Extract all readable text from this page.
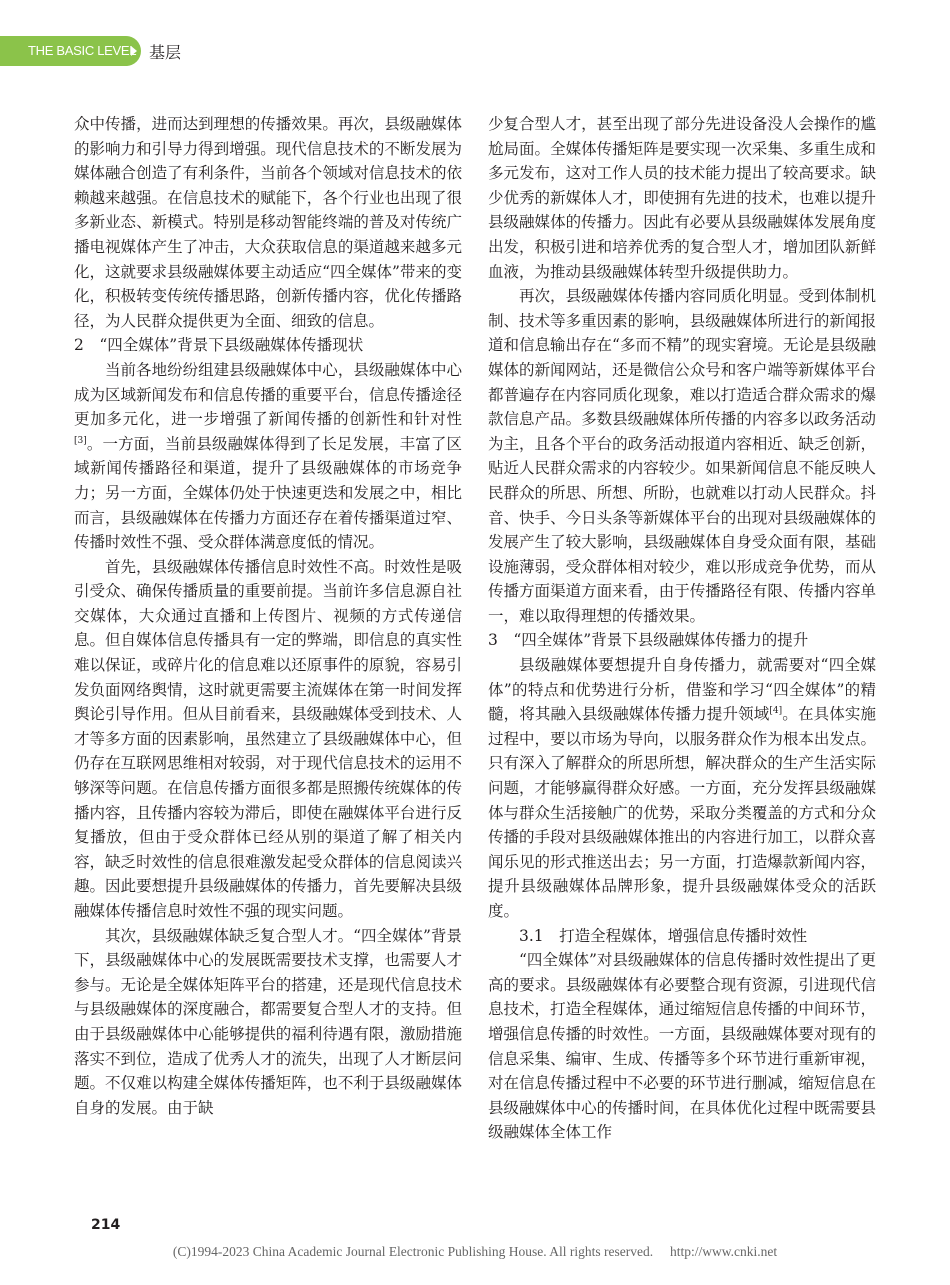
THE BASIC LEVEL 基层

众中传播，进而达到理想的传播效果。再次，县级融媒体的影响力和引导力得到增强。现代信息技术的不断发展为媒体融合创造了有利条件，当前各个领域对信息技术的依赖越来越强。在信息技术的赋能下，各个行业也出现了很多新业态、新模式。特别是移动智能终端的普及对传统广播电视媒体产生了冲击，大众获取信息的渠道越来越多元化，这就要求县级融媒体要主动适应“四全媒体”带来的变化，积极转变传统传播思路，创新传播内容，优化传播路径，为人民群众提供更为全面、细致的信息。

2　“四全媒体”背景下县级融媒体传播现状

当前各地纷纷组建县级融媒体中心，县级融媒体中心成为区域新闻发布和信息传播的重要平台，信息传播途径更加多元化，进一步增强了新闻传播的创新性和针对性[3]。一方面，当前县级融媒体得到了长足发展，丰富了区域新闻传播路径和渠道，提升了县级融媒体的市场竞争力；另一方面，全媒体仍处于快速更迭和发展之中，相比而言，县级融媒体在传播力方面还存在着传播渠道过窄、传播时效性不强、受众群体满意度低的情况。

首先，县级融媒体传播信息时效性不高。时效性是吸引受众、确保传播质量的重要前提。当前许多信息源自社交媒体，大众通过直播和上传图片、视频的方式传递信息。但自媒体信息传播具有一定的弊端，即信息的真实性难以保证，或碎片化的信息难以还原事件的原貌，容易引发负面网络舆情，这时就更需要主流媒体在第一时间发挥舆论引导作用。但从目前看来，县级融媒体受到技术、人才等多方面的因素影响，虽然建立了县级融媒体中心，但仍存在互联网思维相对较弱，对于现代信息技术的运用不够深等问题。在信息传播方面很多都是照搬传统媒体的传播内容，且传播内容较为滞后，即使在融媒体平台进行反复播放，但由于受众群体已经从别的渠道了解了相关内容，缺乏时效性的信息很难激发起受众群体的信息阅读兴趣。因此要想提升县级融媒体的传播力，首先要解决县级融媒体传播信息时效性不强的现实问题。

其次，县级融媒体缺乏复合型人才。“四全媒体”背景下，县级融媒体中心的发展既需要技术支撑，也需要人才参与。无论是全媒体矩阵平台的搭建，还是现代信息技术与县级融媒体的深度融合，都需要复合型人才的支持。但由于县级融媒体中心能够提供的福利待遇有限，激励措施落实不到位，造成了优秀人才的流失，出现了人才断层问题。不仅难以构建全媒体传播矩阵，也不利于县级融媒体自身的发展。由于缺

少复合型人才，甚至出现了部分先进设备没人会操作的尴尬局面。全媒体传播矩阵是要实现一次采集、多重生成和多元发布，这对工作人员的技术能力提出了较高要求。缺少优秀的新媒体人才，即使拥有先进的技术，也难以提升县级融媒体的传播力。因此有必要从县级融媒体发展角度出发，积极引进和培养优秀的复合型人才，增加团队新鲜血液，为推动县级融媒体转型升级提供助力。

再次，县级融媒体传播内容同质化明显。受到体制机制、技术等多重因素的影响，县级融媒体所进行的新闻报道和信息输出存在“多而不精”的现实窘境。无论是县级融媒体的新闻网站，还是微信公众号和客户端等新媒体平台都普遍存在内容同质化现象，难以打造适合群众需求的爆款信息产品。多数县级融媒体所传播的内容多以政务活动为主，且各个平台的政务活动报道内容相近、缺乏创新，贴近人民群众需求的内容较少。如果新闻信息不能反映人民群众的所思、所想、所盼，也就难以打动人民群众。抖音、快手、今日头条等新媒体平台的出现对县级融媒体的发展产生了较大影响，县级融媒体自身受众面有限，基础设施薄弱，受众群体相对较少，难以形成竞争优势，而从传播方面渠道方面来看，由于传播路径有限、传播内容单一，难以取得理想的传播效果。

3　“四全媒体”背景下县级融媒体传播力的提升

县级融媒体要想提升自身传播力，就需要对“四全媒体”的特点和优势进行分析，借鉴和学习“四全媒体”的精髓，将其融入县级融媒体传播力提升领域[4]。在具体实施过程中，要以市场为导向，以服务群众作为根本出发点。只有深入了解群众的所思所想，解决群众的生产生活实际问题，才能够赢得群众好感。一方面，充分发挥县级融媒体与群众生活接触广的优势，采取分类覆盖的方式和分众传播的手段对县级融媒体推出的内容进行加工，以群众喜闻乐见的形式推送出去；另一方面，打造爆款新闻内容，提升县级融媒体品牌形象，提升县级融媒体受众的活跃度。

3.1　打造全程媒体，增强信息传播时效性

“四全媒体”对县级融媒体的信息传播时效性提出了更高的要求。县级融媒体有必要整合现有资源，引进现代信息技术，打造全程媒体，通过缩短信息传播的中间环节，增强信息传播的时效性。一方面，县级融媒体要对现有的信息采集、编审、生成、传播等多个环节进行重新审视，对在信息传播过程中不必要的环节进行删减，缩短信息在县级融媒体中心的传播时间，在具体优化过程中既需要县级融媒体全体工作

214
(C)1994-2023 China Academic Journal Electronic Publishing House. All rights reserved.　 http://www.cnki.net
